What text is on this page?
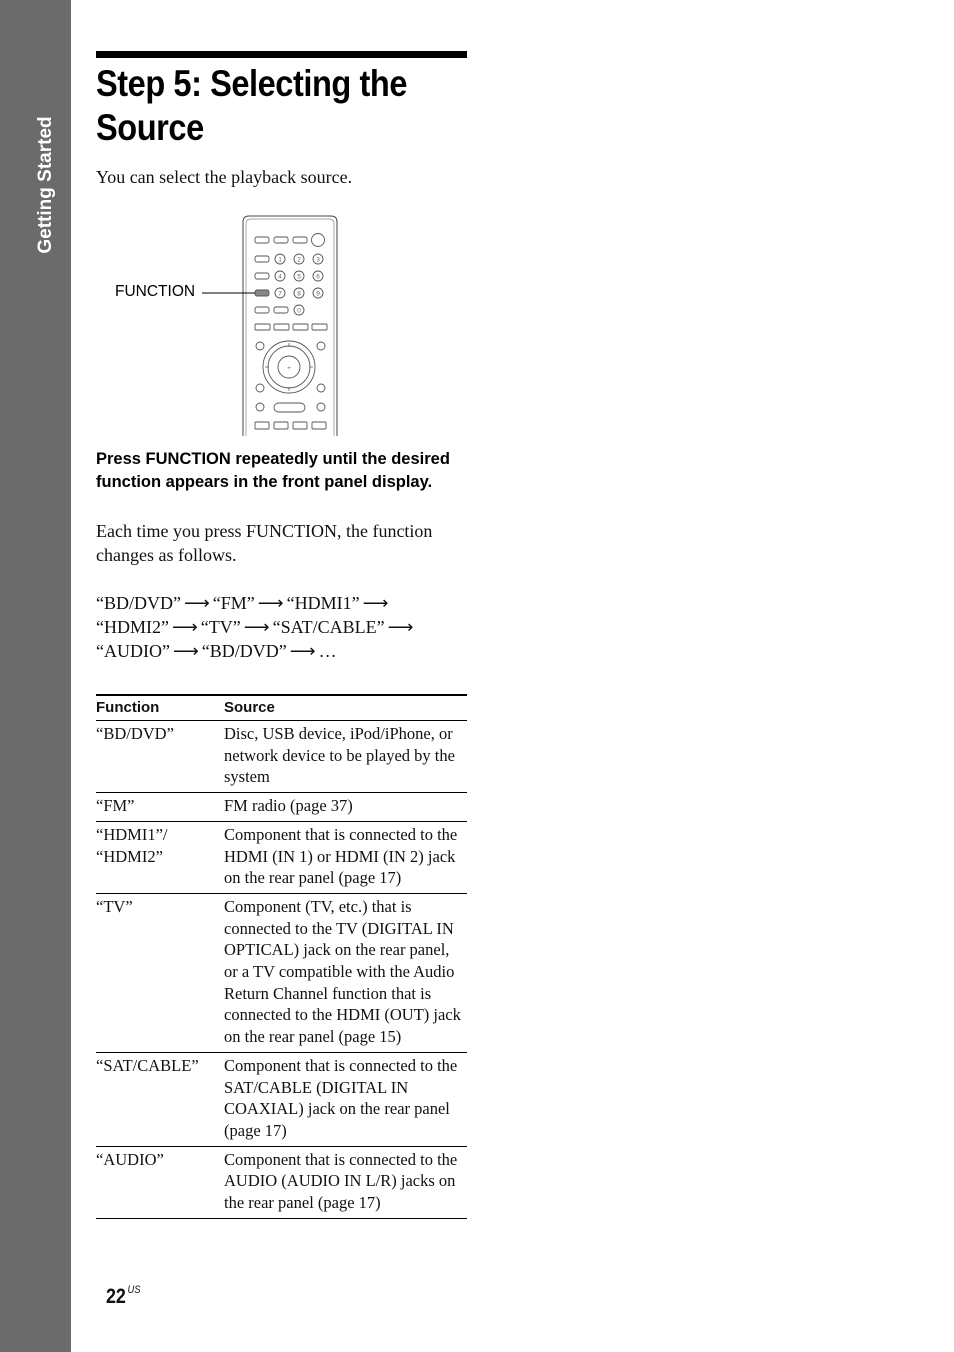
Getting Started
Step 5: Selecting the Source
You can select the playback source.
1 2 3
4 5 6
7 8 9
0
+
FUNCTION

Press FUNCTION repeatedly until the desired function appears in the front panel display.

Each time you press FUNCTION, the function changes as follows.

“BD/DVD” ⟶ “FM” ⟶ “HDMI1” ⟶
“HDMI2” ⟶ “TV” ⟶ “SAT/CABLE” ⟶
“AUDIO” ⟶ “BD/DVD” ⟶ …

Function	Source
“BD/DVD”	Disc, USB device, iPod/iPhone, or network device to be played by the system
“FM”	FM radio (page 37)
“HDMI1”/
“HDMI2”	Component that is connected to the HDMI (IN 1) or HDMI (IN 2) jack on the rear panel (page 17)
“TV”	Component (TV, etc.) that is connected to the TV (DIGITAL IN OPTICAL) jack on the rear panel, or a TV compatible with the Audio Return Channel function that is connected to the HDMI (OUT) jack on the rear panel (page 15)
“SAT/CABLE”	Component that is connected to the SAT/CABLE (DIGITAL IN COAXIAL) jack on the rear panel (page 17)
“AUDIO”	Component that is connected to the AUDIO (AUDIO IN L/R) jacks on the rear panel (page 17)
22 $^{US}$
